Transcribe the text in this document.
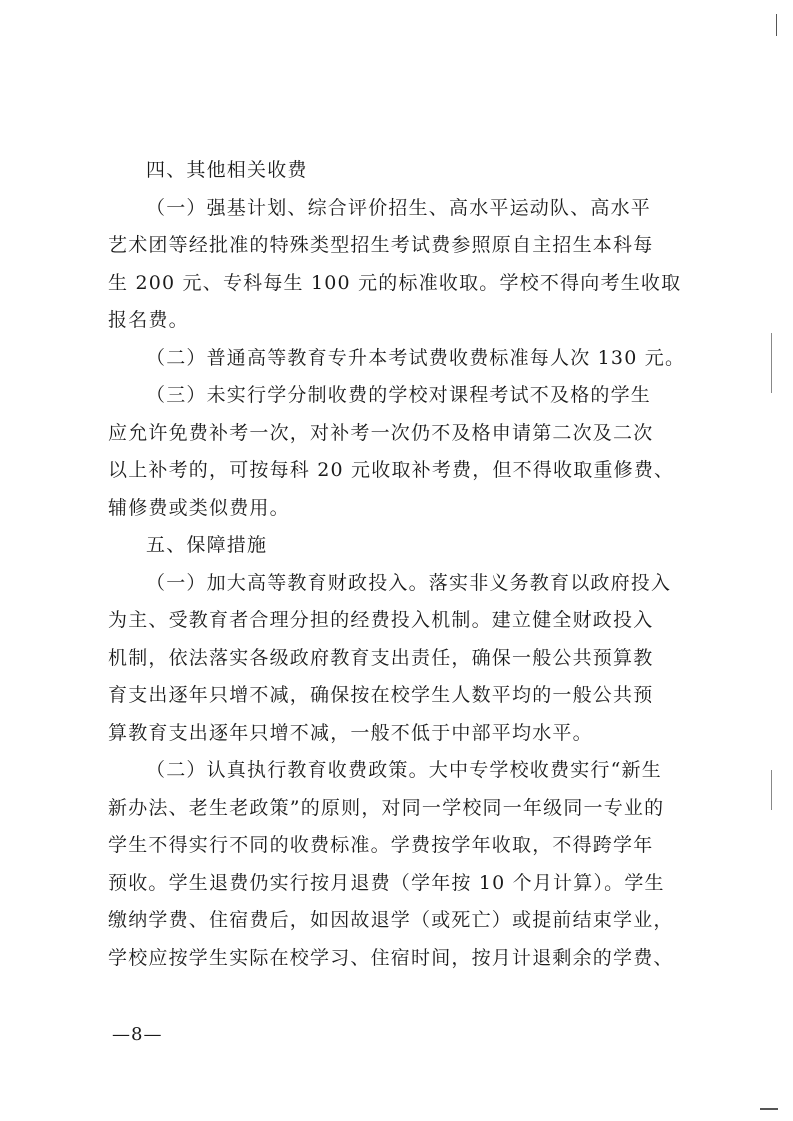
四、其他相关收费
（一）强基计划、综合评价招生、高水平运动队、高水平
艺术团等经批准的特殊类型招生考试费参照原自主招生本科每
生 200 元、专科每生 100 元的标准收取。学校不得向考生收取
报名费。
（二）普通高等教育专升本考试费收费标准每人次 130 元。
（三）未实行学分制收费的学校对课程考试不及格的学生
应允许免费补考一次，对补考一次仍不及格申请第二次及二次
以上补考的，可按每科 20 元收取补考费，但不得收取重修费、
辅修费或类似费用。
五、保障措施
（一）加大高等教育财政投入。落实非义务教育以政府投入
为主、受教育者合理分担的经费投入机制。建立健全财政投入
机制，依法落实各级政府教育支出责任，确保一般公共预算教
育支出逐年只增不减，确保按在校学生人数平均的一般公共预
算教育支出逐年只增不减，一般不低于中部平均水平。
（二）认真执行教育收费政策。大中专学校收费实行“新生
新办法、老生老政策”的原则，对同一学校同一年级同一专业的
学生不得实行不同的收费标准。学费按学年收取，不得跨学年
预收。学生退费仍实行按月退费（学年按 10 个月计算）。学生
缴纳学费、住宿费后，如因故退学（或死亡）或提前结束学业，
学校应按学生实际在校学习、住宿时间，按月计退剩余的学费、
—8—
